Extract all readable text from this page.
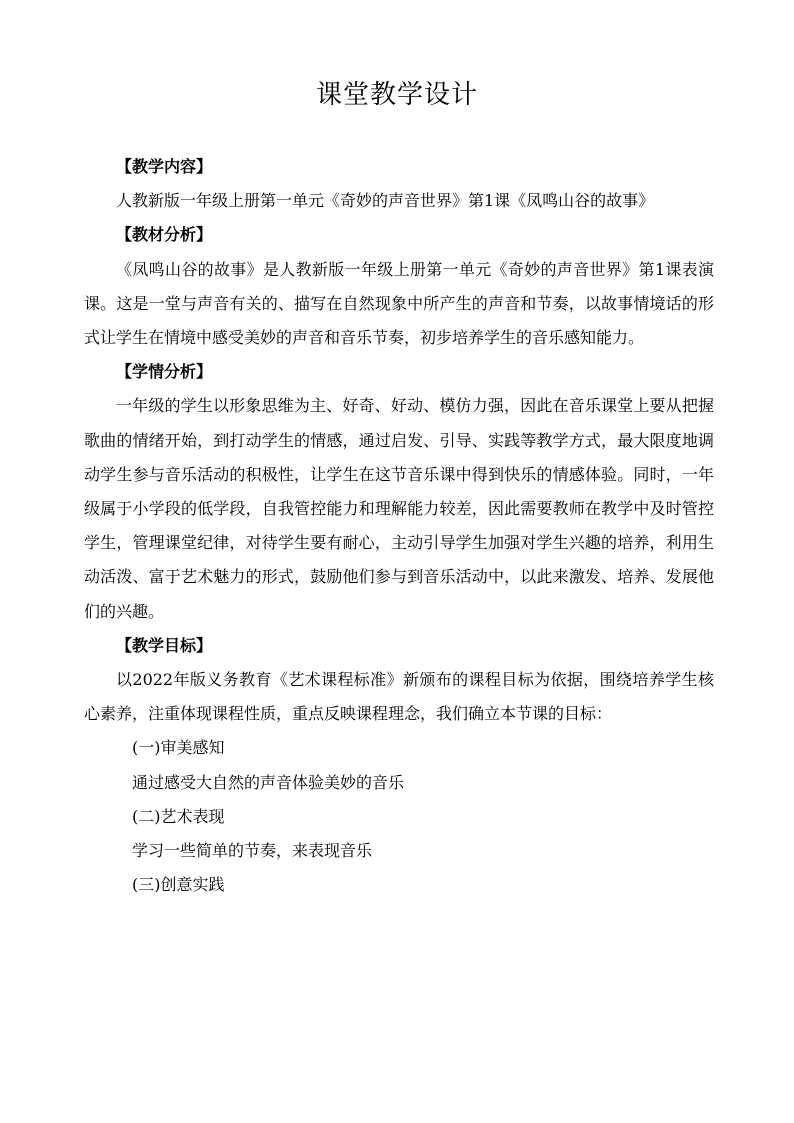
课堂教学设计

【教学内容】

人教新版一年级上册第一单元《奇妙的声音世界》第1课《凤鸣山谷的故事》

【教材分析】

《凤鸣山谷的故事》是人教新版一年级上册第一单元《奇妙的声音世界》第1课表演课。这是一堂与声音有关的、描写在自然现象中所产生的声音和节奏，以故事情境话的形式让学生在情境中感受美妙的声音和音乐节奏，初步培养学生的音乐感知能力。

【学情分析】

一年级的学生以形象思维为主、好奇、好动、模仿力强，因此在音乐课堂上要从把握歌曲的情绪开始，到打动学生的情感，通过启发、引导、实践等教学方式，最大限度地调动学生参与音乐活动的积极性，让学生在这节音乐课中得到快乐的情感体验。同时，一年级属于小学段的低学段，自我管控能力和理解能力较差，因此需要教师在教学中及时管控学生，管理课堂纪律，对待学生要有耐心，主动引导学生加强对学生兴趣的培养，利用生动活泼、富于艺术魅力的形式，鼓励他们参与到音乐活动中，以此来激发、培养、发展他们的兴趣。

【教学目标】

以2022年版义务教育《艺术课程标准》新颁布的课程目标为依据，围绕培养学生核心素养，注重体现课程性质，重点反映课程理念，我们确立本节课的目标：

(一)审美感知

通过感受大自然的声音体验美妙的音乐

(二)艺术表现

学习一些简单的节奏，来表现音乐

(三)创意实践
